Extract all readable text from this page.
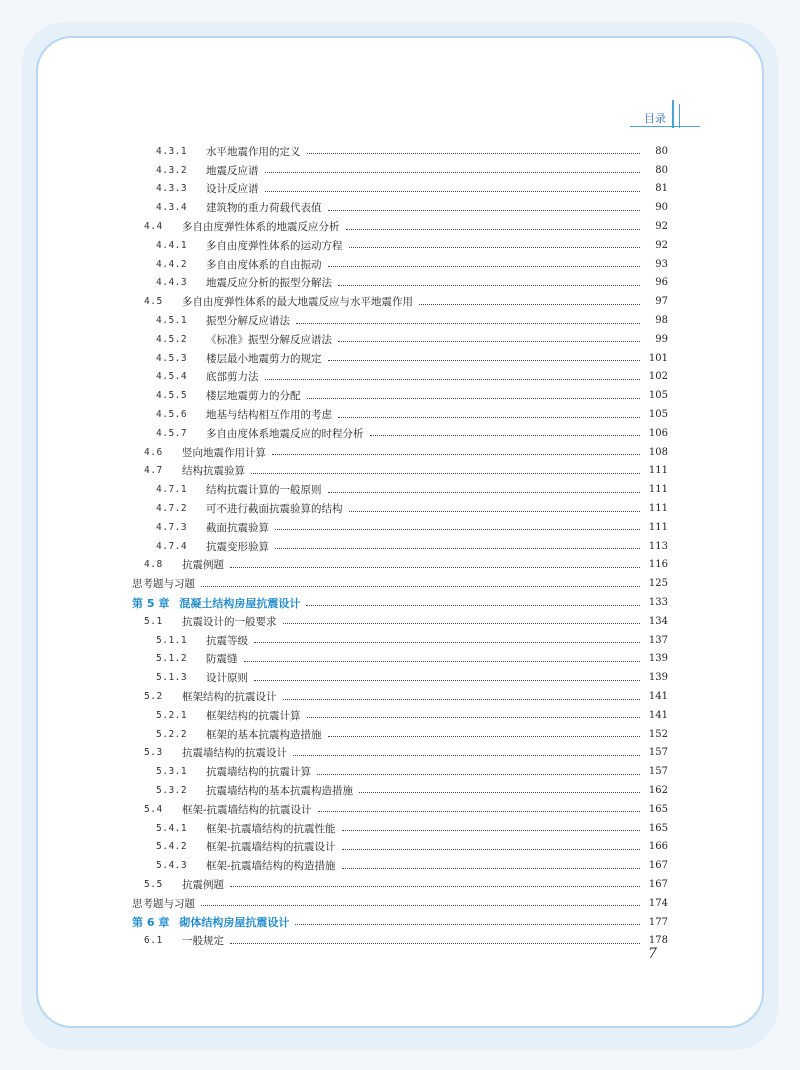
目录
4.3.1	水平地震作用的定义	80
4.3.2	地震反应谱	80
4.3.3	设计反应谱	81
4.3.4	建筑物的重力荷载代表值	90
4.4	多自由度弹性体系的地震反应分析	92
4.4.1	多自由度弹性体系的运动方程	92
4.4.2	多自由度体系的自由振动	93
4.4.3	地震反应分析的振型分解法	96
4.5	多自由度弹性体系的最大地震反应与水平地震作用	97
4.5.1	振型分解反应谱法	98
4.5.2	《标准》振型分解反应谱法	99
4.5.3	楼层最小地震剪力的规定	101
4.5.4	底部剪力法	102
4.5.5	楼层地震剪力的分配	105
4.5.6	地基与结构相互作用的考虑	105
4.5.7	多自由度体系地震反应的时程分析	106
4.6	竖向地震作用计算	108
4.7	结构抗震验算	111
4.7.1	结构抗震计算的一般原则	111
4.7.2	可不进行截面抗震验算的结构	111
4.7.3	截面抗震验算	111
4.7.4	抗震变形验算	113
4.8	抗震例题	116
思考题与习题	125
第 5 章 混凝土结构房屋抗震设计	133
5.1	抗震设计的一般要求	134
5.1.1	抗震等级	137
5.1.2	防震缝	139
5.1.3	设计原则	139
5.2	框架结构的抗震设计	141
5.2.1	框架结构的抗震计算	141
5.2.2	框架的基本抗震构造措施	152
5.3	抗震墙结构的抗震设计	157
5.3.1	抗震墙结构的抗震计算	157
5.3.2	抗震墙结构的基本抗震构造措施	162
5.4	框架-抗震墙结构的抗震设计	165
5.4.1	框架-抗震墙结构的抗震性能	165
5.4.2	框架-抗震墙结构的抗震设计	166
5.4.3	框架-抗震墙结构的构造措施	167
5.5	抗震例题	167
思考题与习题	174
第 6 章 砌体结构房屋抗震设计	177
6.1	一般规定	178
7
